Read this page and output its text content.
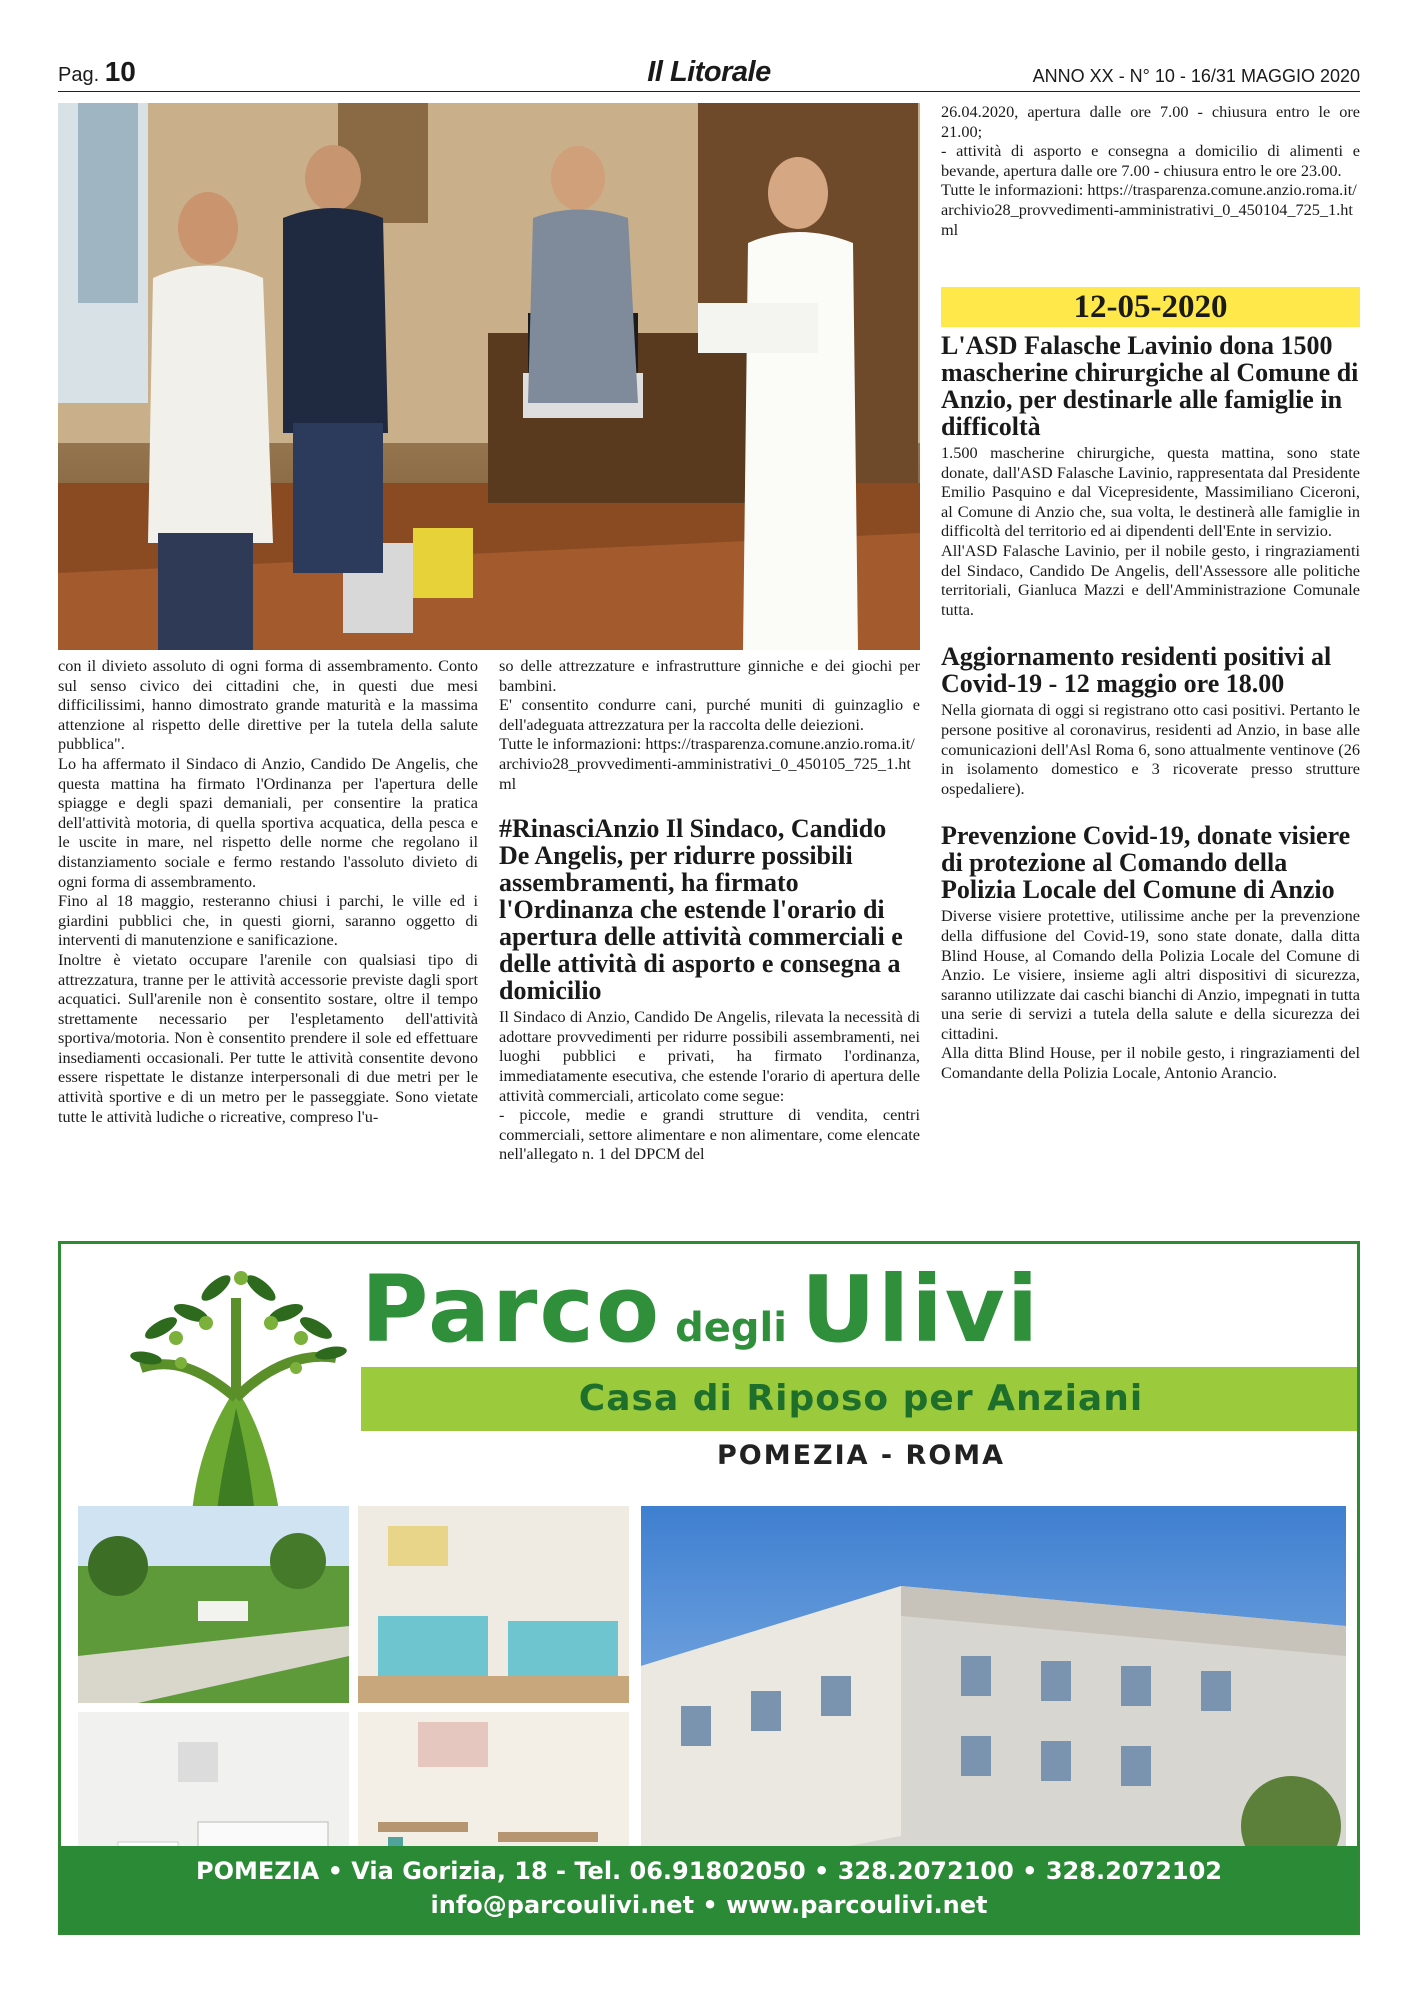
Pag. 10	Il Litorale	ANNO XX - N° 10 - 16/31 MAGGIO 2020

con il divieto assoluto di ogni forma di assembramento. Conto sul senso civico dei cittadini che, in questi due mesi difficilissimi, hanno dimostrato grande maturità e la massima attenzione al rispetto delle direttive per la tutela della salute pubblica".

Lo ha affermato il Sindaco di Anzio, Candido De Angelis, che questa mattina ha firmato l'Ordinanza per l'apertura delle spiagge e degli spazi demaniali, per consentire la pratica dell'attività motoria, di quella sportiva acquatica, della pesca e le uscite in mare, nel rispetto delle norme che regolano il distanziamento sociale e fermo restando l'assoluto divieto di ogni forma di assembramento.

Fino al 18 maggio, resteranno chiusi i parchi, le ville ed i giardini pubblici che, in questi giorni, saranno oggetto di interventi di manutenzione e sanificazione.

Inoltre è vietato occupare l'arenile con qualsiasi tipo di attrezzatura, tranne per le attività accessorie previste dagli sport acquatici. Sull'arenile non è consentito sostare, oltre il tempo strettamente necessario per l'espletamento dell'attività sportiva/motoria. Non è consentito prendere il sole ed effettuare insediamenti occasionali. Per tutte le attività consentite devono essere rispettate le distanze interpersonali di due metri per le attività sportive e di un metro per le passeggiate. Sono vietate tutte le attività ludiche o ricreative, compreso l'u-

so delle attrezzature e infrastrutture ginniche e dei giochi per bambini.

E' consentito condurre cani, purché muniti di guinzaglio e dell'adeguata attrezzatura per la raccolta delle deiezioni.

Tutte le informazioni: https://trasparenza.comune.anzio.roma.it/archivio28_provvedimenti-amministrativi_0_450105_725_1.html

#RinasciAnzio Il Sindaco, Candido De Angelis, per ridurre possibili assembramenti, ha firmato l'Ordinanza che estende l'orario di apertura delle attività commerciali e delle attività di asporto e consegna a domicilio

Il Sindaco di Anzio, Candido De Angelis, rilevata la necessità di adottare provvedimenti per ridurre possibili assembramenti, nei luoghi pubblici e privati, ha firmato l'ordinanza, immediatamente esecutiva, che estende l'orario di apertura delle attività commerciali, articolato come segue:

- piccole, medie e grandi strutture di vendita, centri commerciali, settore alimentare e non alimentare, come elencate nell'allegato n. 1 del DPCM del

26.04.2020, apertura dalle ore 7.00 - chiusura entro le ore 21.00;

- attività di asporto e consegna a domicilio di alimenti e bevande, apertura dalle ore 7.00 - chiusura entro le ore 23.00.

Tutte le informazioni: https://trasparenza.comune.anzio.roma.it/archivio28_provvedimenti-amministrativi_0_450104_725_1.html

12-05-2020
L'ASD Falasche Lavinio dona 1500 mascherine chirurgiche al Comune di Anzio, per destinarle alle famiglie in difficoltà

1.500 mascherine chirurgiche, questa mattina, sono state donate, dall'ASD Falasche Lavinio, rappresentata dal Presidente Emilio Pasquino e dal Vicepresidente, Massimiliano Ciceroni, al Comune di Anzio che, sua volta, le destinerà alle famiglie in difficoltà del territorio ed ai dipendenti dell'Ente in servizio.

All'ASD Falasche Lavinio, per il nobile gesto, i ringraziamenti del Sindaco, Candido De Angelis, dell'Assessore alle politiche territoriali, Gianluca Mazzi e dell'Amministrazione Comunale tutta.

Aggiornamento residenti positivi al Covid-19 - 12 maggio ore 18.00

Nella giornata di oggi si registrano otto casi positivi. Pertanto le persone positive al coronavirus, residenti ad Anzio, in base alle comunicazioni dell'Asl Roma 6, sono attualmente ventinove (26 in isolamento domestico e 3 ricoverate presso strutture ospedaliere).

Prevenzione Covid-19, donate visiere di protezione al Comando della Polizia Locale del Comune di Anzio

Diverse visiere protettive, utilissime anche per la prevenzione della diffusione del Covid-19, sono state donate, dalla ditta Blind House, al Comando della Polizia Locale del Comune di Anzio. Le visiere, insieme agli altri dispositivi di sicurezza, saranno utilizzate dai caschi bianchi di Anzio, impegnati in tutta una serie di servizi a tutela della salute e della sicurezza dei cittadini.

Alla ditta Blind House, per il nobile gesto, i ringraziamenti del Comandante della Polizia Locale, Antonio Arancio.

Parco degli Ulivi
Casa di Riposo per Anziani
POMEZIA - ROMA
POMEZIA • Via Gorizia, 18 - Tel. 06.91802050 • 328.2072100 • 328.2072102
info@parcoulivi.net • www.parcoulivi.net
